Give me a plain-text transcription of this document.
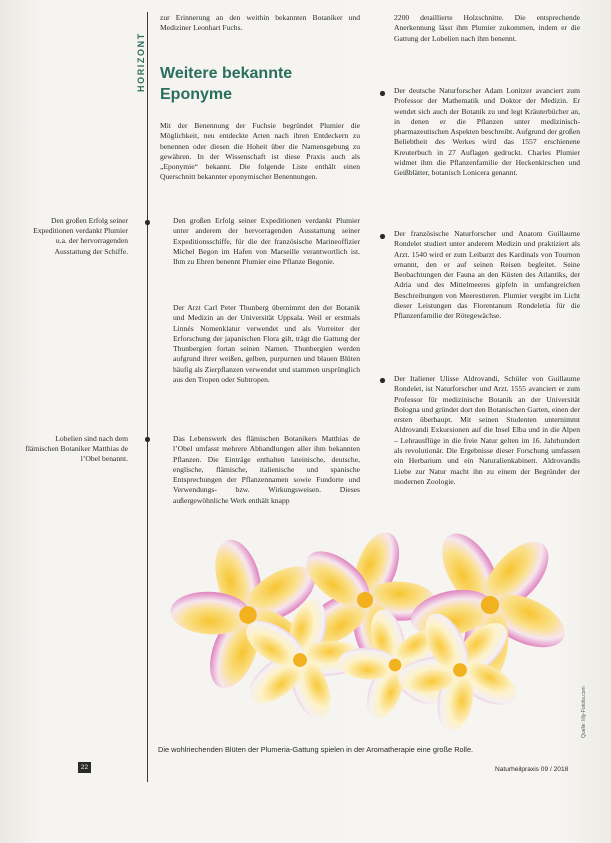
HORIZONT

zur Erinnerung an den weithin bekannten Botaniker und Mediziner Leonhart Fuchs.

Weitere bekannte Eponyme

Mit der Benennung der Fuchsie begründet Plumier die Möglichkeit, neu entdeckte Arten nach ihren Entdeckern zu benennen oder diesen die Hoheit über die Namensgebung zu gewähren. In der Wissenschaft ist diese Praxis auch als „Eponymie“ bekannt. Die folgende Liste enthält einen Querschnitt bekannter eponymischer Benennungen.

Den großen Erfolg seiner Expeditionen verdankt Plumier u.a. der hervorragenden Ausstattung der Schiffe.
Lobelien sind nach dem flämischen Botaniker Matthias de l’Obel benannt.

Den großen Erfolg seiner Expeditionen verdankt Plumier unter anderem der hervorragenden Ausstattung seiner Expeditionsschiffe, für die der französische Marineoffizier Michel Begon im Hafen von Marseille verantwortlich ist. Ihm zu Ehren benennt Plumier eine Pflanze Begonie.

Der Arzt Carl Peter Thunberg übernimmt den der Botanik und Medizin an der Universität Uppsala. Weil er erstmals Linnés Nomenklatur verwendet und als Vorreiter der Erforschung der japanischen Flora gilt, trägt die Gattung der Thunbergien fortan seinen Namen. Thunbergien werden aufgrund ihrer weißen, gelben, purpurnen und blauen Blüten häufig als Zierpflanzen verwendet und stammen ursprünglich aus den Tropen oder Subtropen.

Das Lebenswerk des flämischen Botanikers Matthias de l’Obel umfasst mehrere Abhandlungen aller ihm bekannten Pflanzen. Die Einträge enthalten lateinische, deutsche, englische, flämische, italienische und spanische Entsprechungen der Pflanzennamen sowie Fundorte und Verwendungs- bzw. Wirkungsweisen. Dieses außergewöhnliche Werk enthält knapp

2200 detaillierte Holzschnitte. Die entsprechende Anerkennung lässt ihm Plumier zukommen, indem er die Gattung der Lobelien nach ihm benennt.

Der deutsche Naturforscher Adam Lonitzer avanciert zum Professor der Mathematik und Doktor der Medizin. Er wendet sich auch der Botanik zu und legt Kräuterbücher an, in denen er die Pflanzen unter medizinisch-pharmazeutischen Aspekten beschreibt. Aufgrund der großen Beliebtheit des Werkes wird das 1557 erschienene Kreuterbuch in 27 Auflagen gedruckt. Charles Plumier widmet ihm die Pflanzenfamilie der Heckenkirschen und Geißblätter, botanisch Lonicera genannt.

Der französische Naturforscher und Anatom Guillaume Rondelet studiert unter anderem Medizin und praktiziert als Arzt. 1540 wird er zum Leibarzt des Kardinals von Tournon ernannt, den er auf seinen Reisen begleitet. Seine Beobachtungen der Fauna an den Küsten des Atlantiks, der Adria und des Mittelmeeres gipfeln in umfangreichen Beschreibungen von Meerestieren. Plumier vergibt im Licht dieser Leistungen das Florentanum Rondeletia für die Pflanzenfamilie der Rötegewächse.

Der Italiener Ulisse Aldrovandi, Schüler von Guillaume Rondelet, ist Naturforscher und Arzt. 1555 avanciert er zum Professor für medizinische Botanik an der Universität Bologna und gründet dort den Botanischen Garten, einen der ersten überhaupt. Mit seinen Studenten unternimmt Aldrovandi Exkursionen auf die Insel Elba und in die Alpen – Lehrausflüge in die freie Natur gelten im 16. Jahrhundert als revolutionär. Die Ergebnisse dieser Forschung umfassen ein Herbarium und ein Naturalienkabinett. Aldrovandis Liebe zur Natur macht ihn zu einem der Begründer der modernen Zoologie.

Quelle: lilly-Fotolia.com
Die wohlriechenden Blüten der Plumeria-Gattung spielen in der Aromatherapie eine große Rolle.
22	Naturheilpraxis 09 / 2018
